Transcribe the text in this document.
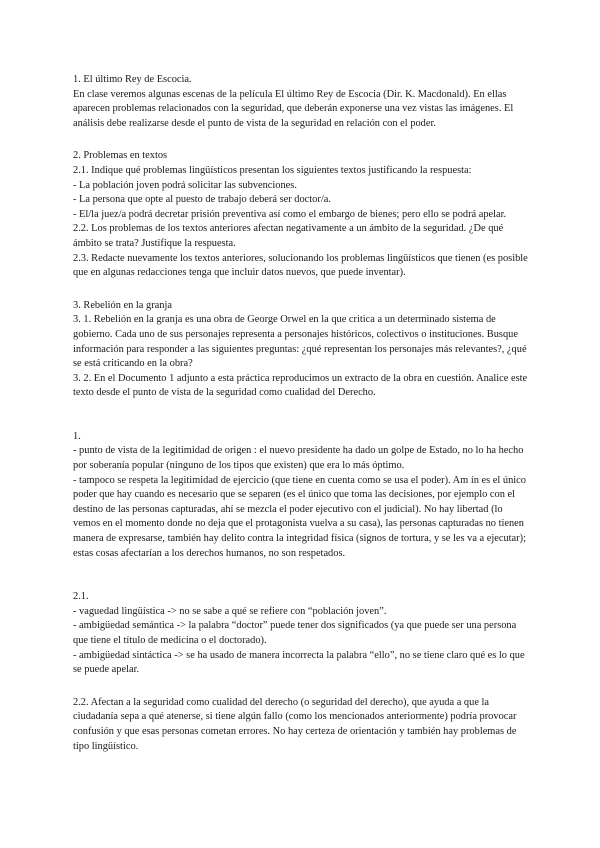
1. El último Rey de Escocia.

En clase veremos algunas escenas de la película El último Rey de Escocia (Dir. K. Macdonald). En ellas aparecen problemas relacionados con la seguridad, que deberán exponerse una vez vistas las imágenes. El análisis debe realizarse desde el punto de vista de la seguridad en relación con el poder.

2. Problemas en textos

2.1. Indique qué problemas lingüísticos presentan los siguientes textos justificando la respuesta:

- La población joven podrá solicitar las subvenciones.

- La persona que opte al puesto de trabajo deberá ser doctor/a.

- El/la juez/a podrá decretar prisión preventiva así como el embargo de bienes; pero ello se podrá apelar.

2.2. Los problemas de los textos anteriores afectan negativamente a un ámbito de la seguridad. ¿De qué ámbito se trata? Justifique la respuesta.

2.3. Redacte nuevamente los textos anteriores, solucionando los problemas lingüísticos que tienen (es posible que en algunas redacciones tenga que incluir datos nuevos, que puede inventar).

3. Rebelión en la granja

3. 1. Rebelión en la granja es una obra de George Orwel en la que critica a un determinado sistema de gobierno. Cada uno de sus personajes representa a personajes históricos, colectivos o instituciones. Busque información para responder a las siguientes preguntas: ¿qué representan los personajes más relevantes?, ¿qué se está criticando en la obra?

3. 2. En el Documento 1 adjunto a esta práctica reproducimos un extracto de la obra en cuestión. Analice este texto desde el punto de vista de la seguridad como cualidad del Derecho.

1.

- punto de vista de la legitimidad de origen : el nuevo presidente ha dado un golpe de Estado, no lo ha hecho por soberanía popular (ninguno de los tipos que existen) que era lo más óptimo.

- tampoco se respeta la legitimidad de ejercicio (que tiene en cuenta como se usa el poder). Am ín es el único poder que hay cuando es necesario que se separen (es el único que toma las decisiones, por ejemplo con el destino de las personas capturadas, ahí se mezcla el poder ejecutivo con el judicial). No hay libertad (lo vemos en el momento donde no deja que el protagonista vuelva a su casa), las personas capturadas no tienen manera de expresarse, también hay delito contra la integridad física (signos de tortura, y se les va a ejecutar); estas cosas afectarían a los derechos humanos, no son respetados.

2.1.

- vaguedad lingüística -> no se sabe a qué se refiere con “población joven”.

- ambigüedad semántica -> la palabra “doctor” puede tener dos significados (ya que puede ser una persona que tiene el título de medicina o el doctorado).

- ambigüedad sintáctica -> se ha usado de manera incorrecta la palabra “ello”, no se tiene claro qué es lo que se puede apelar.

2.2. Afectan a la seguridad como cualidad del derecho (o seguridad del derecho), que ayuda a que la ciudadanía sepa a qué atenerse, si tiene algún fallo (como los mencionados anteriormente) podría provocar confusión y que esas personas cometan errores. No hay certeza de orientación y también hay problemas de tipo lingüístico.
